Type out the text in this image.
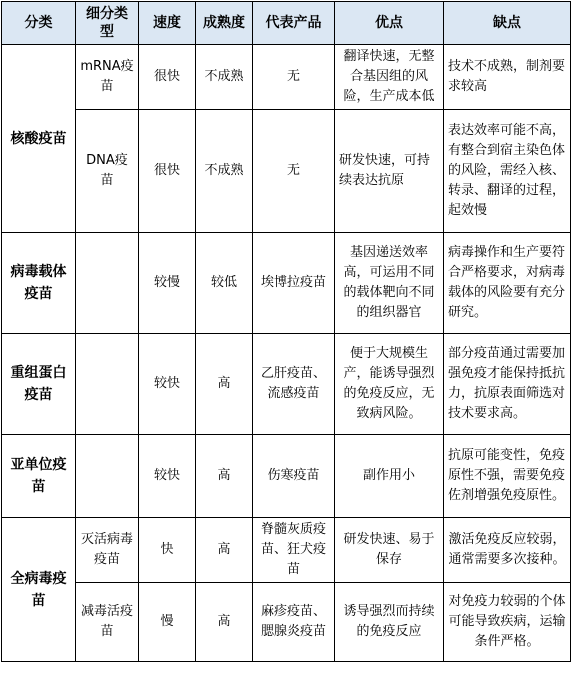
分类	细分类型	速度	成熟度	代表产品	优点	缺点
核酸疫苗	mRNA疫苗	很快	不成熟	无	翻译快速，无整合基因组的风险，生产成本低	技术不成熟，制剂要求较高
	DNA疫苗	很快	不成熟	无	研发快速，可持续表达抗原	表达效率可能不高，有整合到宿主染色体的风险，需经入核、转录、翻译的过程，起效慢
病毒载体疫苗		较慢	较低	埃博拉疫苗	基因递送效率高，可运用不同的载体靶向不同的组织器官	病毒操作和生产要符合严格要求，对病毒载体的风险要有充分研究。
重组蛋白疫苗		较快	高	乙肝疫苗、流感疫苗	便于大规模生产，能诱导强烈的免疫反应，无致病风险。	部分疫苗通过需要加强免疫才能保持抵抗力，抗原表面筛选对技术要求高。
亚单位疫苗		较快	高	伤寒疫苗	副作用小	抗原可能变性，免疫原性不强，需要免疫佐剂增强免疫原性。
全病毒疫苗	灭活病毒疫苗	快	高	脊髓灰质疫苗、狂犬疫苗	研发快速、易于保存	激活免疫反应较弱，通常需要多次接种。
	减毒活疫苗	慢	高	麻疹疫苗、腮腺炎疫苗	诱导强烈而持续的免疫反应	对免疫力较弱的个体可能导致疾病，运输条件严格。
